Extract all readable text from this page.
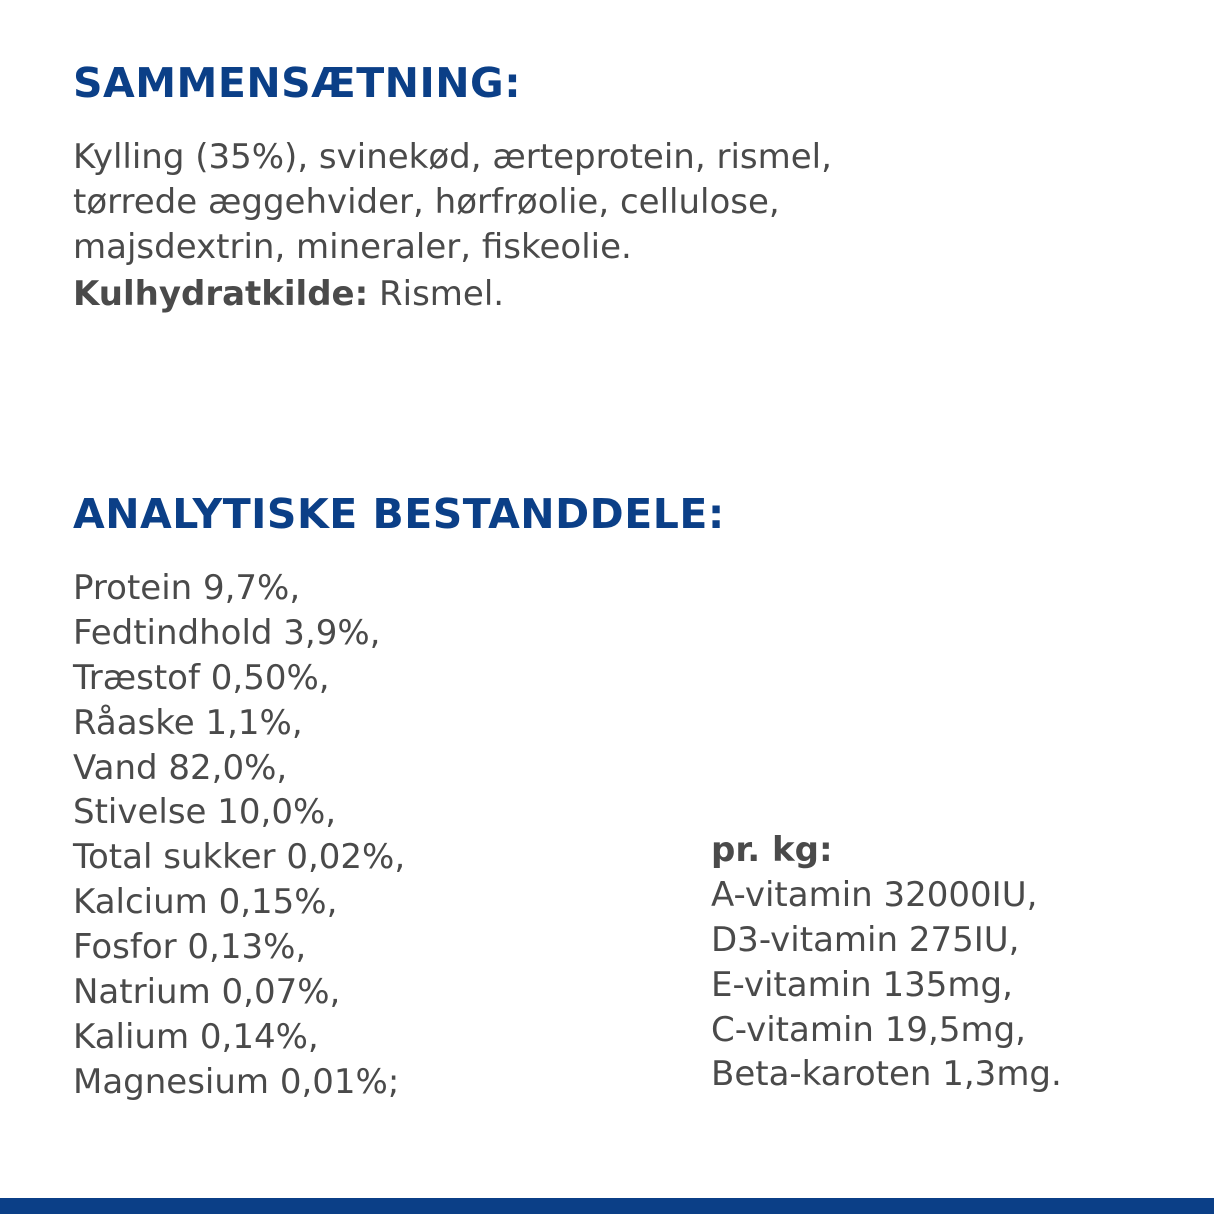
SAMMENSÆTNING:
Kylling (35%), svinekød, ærteprotein, rismel,
tørrede æggehvider, hørfrøolie, cellulose,
majsdextrin, mineraler, fiskeolie.
Kulhydratkilde: Rismel.
ANALYTISKE BESTANDDELE:
Protein 9,7%,
Fedtindhold 3,9%,
Træstof 0,50%,
Råaske 1,1%,
Vand 82,0%,
Stivelse 10,0%,
Total sukker 0,02%,
Kalcium 0,15%,
Fosfor 0,13%,
Natrium 0,07%,
Kalium 0,14%,
Magnesium 0,01%;
pr. kg:
A-vitamin 32000IU,
D3-vitamin 275IU,
E-vitamin 135mg,
C-vitamin 19,5mg,
Beta-karoten 1,3mg.
